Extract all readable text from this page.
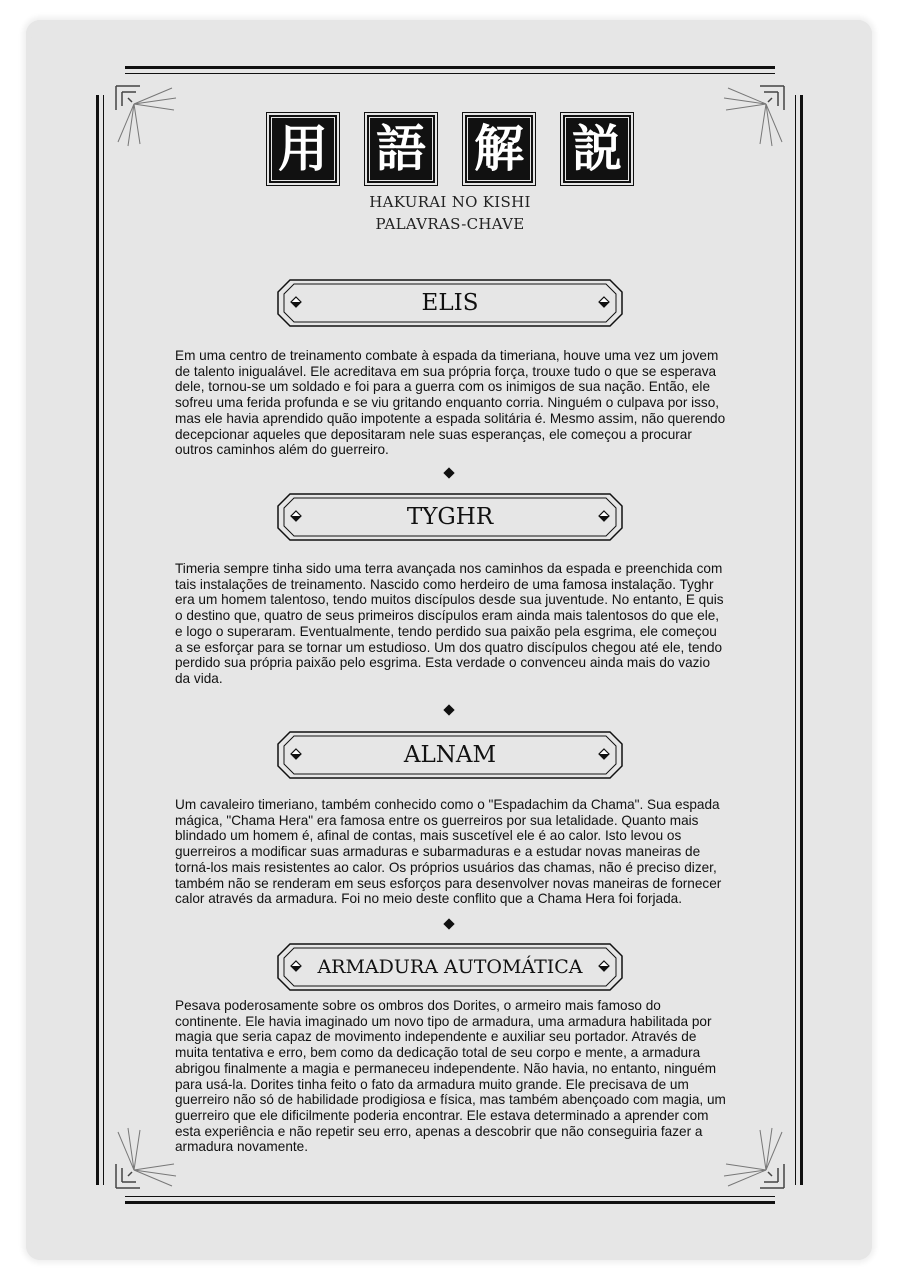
用 語 解 説
HAKURAI NO KISHI
PALAVRAS-CHAVE
ELIS
Em uma centro de treinamento combate à espada da timeriana, houve uma vez um jovem de talento inigualável. Ele acreditava em sua própria força, trouxe tudo o que se esperava dele, tornou-se um soldado e foi para a guerra com os inimigos de sua nação. Então, ele sofreu uma ferida profunda e se viu gritando enquanto corria. Ninguém o culpava por isso, mas ele havia aprendido quão impotente a espada solitária é. Mesmo assim, não querendo decepcionar aqueles que depositaram nele suas esperanças, ele começou a procurar outros caminhos além do guerreiro.
TYGHR
Timeria sempre tinha sido uma terra avançada nos caminhos da espada e preenchida com tais instalações de treinamento. Nascido como herdeiro de uma famosa instalação. Tyghr era um homem talentoso, tendo muitos discípulos desde sua juventude. No entanto, E quis o destino que, quatro de seus primeiros discípulos eram ainda mais talentosos do que ele, e logo o superaram. Eventualmente, tendo perdido sua paixão pela esgrima, ele começou a se esforçar para se tornar um estudioso. Um dos quatro discípulos chegou até ele, tendo perdido sua própria paixão pelo esgrima. Esta verdade o convenceu ainda mais do vazio da vida.
ALNAM
Um cavaleiro timeriano, também conhecido como o "Espadachim da Chama". Sua espada mágica, "Chama Hera" era famosa entre os guerreiros por sua letalidade. Quanto mais blindado um homem é, afinal de contas, mais suscetível ele é ao calor. Isto levou os guerreiros a modificar suas armaduras e subarmaduras e a estudar novas maneiras de torná-los mais resistentes ao calor. Os próprios usuários das chamas, não é preciso dizer, também não se renderam em seus esforços para desenvolver novas maneiras de fornecer calor através da armadura. Foi no meio deste conflito que a Chama Hera foi forjada.
ARMADURA AUTOMÁTICA
Pesava poderosamente sobre os ombros dos Dorites, o armeiro mais famoso do continente. Ele havia imaginado um novo tipo de armadura, uma armadura habilitada por magia que seria capaz de movimento independente e auxiliar seu portador. Através de muita tentativa e erro, bem como da dedicação total de seu corpo e mente, a armadura abrigou finalmente a magia e permaneceu independente. Não havia, no entanto, ninguém para usá-la. Dorites tinha feito o fato da armadura muito grande. Ele precisava de um guerreiro não só de habilidade prodigiosa e física, mas também abençoado com magia, um guerreiro que ele dificilmente poderia encontrar. Ele estava determinado a aprender com esta experiência e não repetir seu erro, apenas a descobrir que não conseguiria fazer a armadura novamente.
